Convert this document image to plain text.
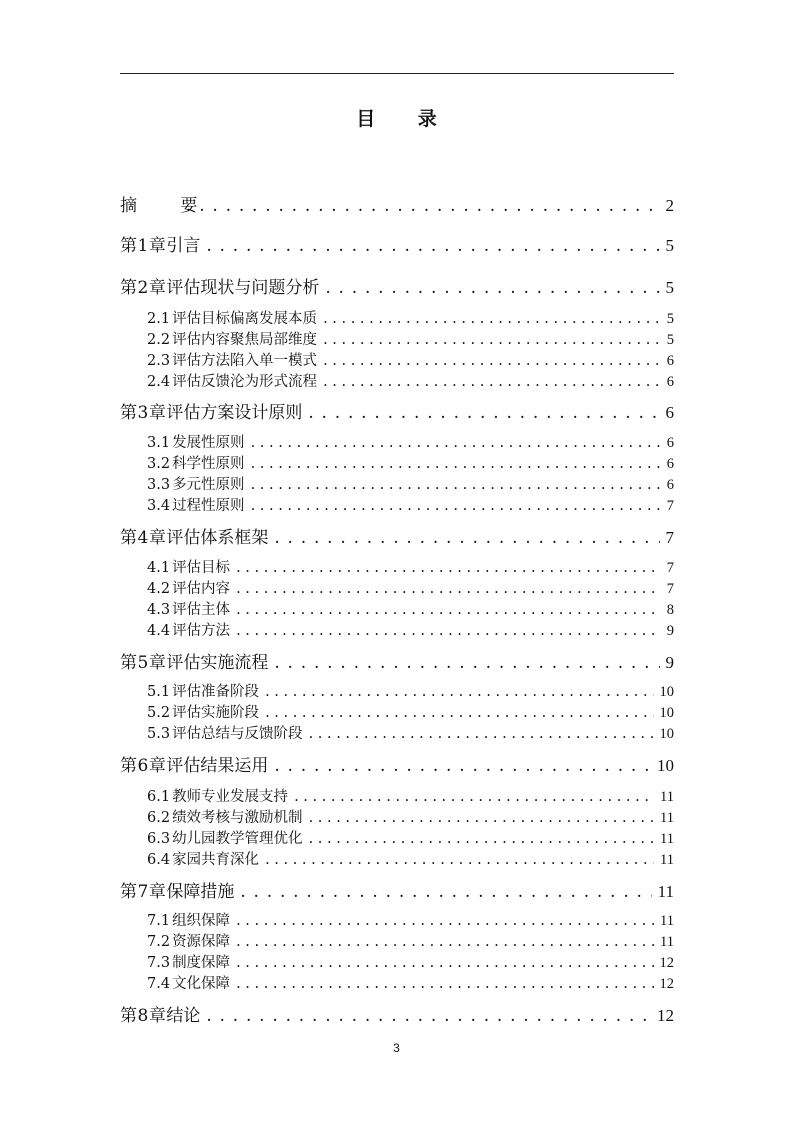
目 录
摘 要 . . .	2
第1章 引言 . . .	5
第2章 评估现状与问题分析 . . .	5
2.1 评估目标偏离发展本质 . . .	5
2.2 评估内容聚焦局部维度 . . .	5
2.3 评估方法陷入单一模式 . . .	6
2.4 评估反馈沦为形式流程 . . .	6
第3章 评估方案设计原则 . . .	6
3.1 发展性原则 . . .	6
3.2 科学性原则 . . .	6
3.3 多元性原则 . . .	6
3.4 过程性原则 . . .	7
第4章 评估体系框架 . . .	7
4.1 评估目标 . . .	7
4.2 评估内容 . . .	7
4.3 评估主体 . . .	8
4.4 评估方法 . . .	9
第5章 评估实施流程 . . .	9
5.1 评估准备阶段 . . .	10
5.2 评估实施阶段 . . .	10
5.3 评估总结与反馈阶段 . . .	10
第6章 评估结果运用 . . .	10
6.1 教师专业发展支持 . . .	11
6.2 绩效考核与激励机制 . . .	11
6.3 幼儿园教学管理优化 . . .	11
6.4 家园共育深化 . . .	11
第7章 保障措施 . . .	11
7.1 组织保障 . . .	11
7.2 资源保障 . . .	11
7.3 制度保障 . . .	12
7.4 文化保障 . . .	12
第8章 结论 . . .	12
3
